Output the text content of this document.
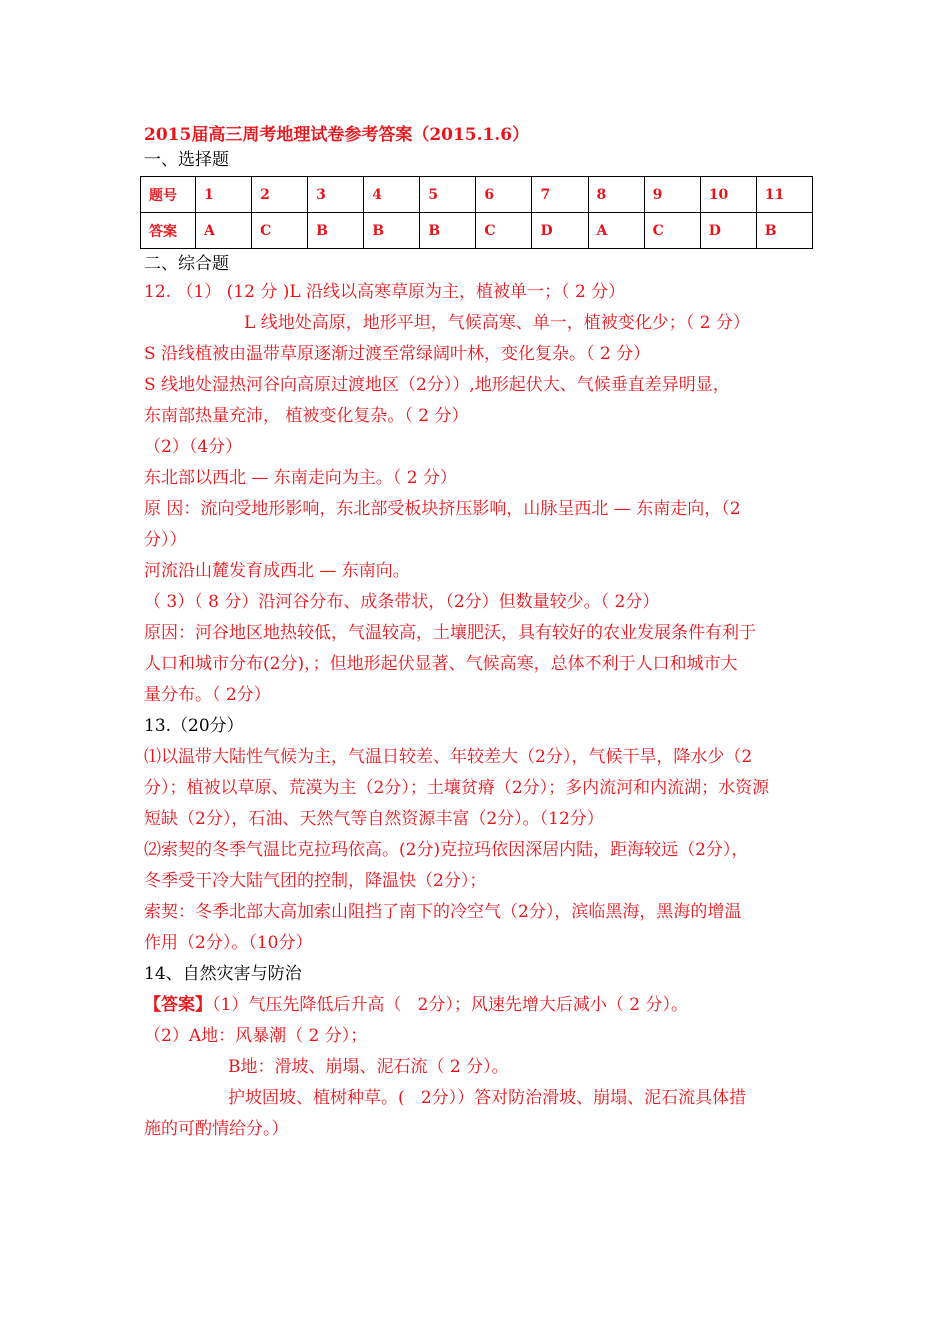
2015届高三周考地理试卷参考答案（2015.1.6）

一、选择题
题号	1	2	3	4	5	6	7	8	9	10	11
答案	A	C	B	B	B	C	D	A	C	D	B
二、综合题

12. （1） (12 分 )L 沿线以高寒草原为主，植被单一；（ 2 分）

L 线地处高原，地形平坦，气候高寒、单一，植被变化少；（ 2 分）

S 沿线植被由温带草原逐渐过渡至常绿阔叶林，变化复杂。（ 2 分）

S 线地处湿热河谷向高原过渡地区（2分））,地形起伏大、气候垂直差异明显，

东南部热量充沛， 植被变化复杂。（ 2 分）

（2）（4分）

东北部以西北 — 东南走向为主。（ 2 分）

原 因：流向受地形影响，东北部受板块挤压影响，山脉呈西北 — 东南走向，（2

分））

河流沿山麓发育成西北 — 东南向。

（ 3）（ 8 分）沿河谷分布、成条带状，（2分）但数量较少。（ 2分）

原因：河谷地区地热较低，气温较高，土壤肥沃，具有较好的农业发展条件有利于

人口和城市分布(2分)，；但地形起伏显著、气候高寒，总体不利于人口和城市大

量分布。（ 2分）

13.（20分）

⑴以温带大陆性气候为主，气温日较差、年较差大（2分），气候干旱，降水少（2

分）；植被以草原、荒漠为主（2分）；土壤贫瘠（2分）；多内流河和内流湖；水资源

短缺（2分），石油、天然气等自然资源丰富（2分）。（12分）

⑵索契的冬季气温比克拉玛依高。(2分)克拉玛依因深居内陆，距海较远（2分），

冬季受干冷大陆气团的控制，降温快（2分）；

索契：冬季北部大高加索山阻挡了南下的冷空气（2分），滨临黑海，黑海的增温

作用（2分）。（10分）

14、自然灾害与防治

【答案】（1）气压先降低后升高（   2分）；风速先增大后减小（ 2 分）。

（2）A地：风暴潮（ 2 分）；

B地：滑坡、崩塌、泥石流（ 2 分）。

护坡固坡、植树种草。(   2分））答对防治滑坡、崩塌、泥石流具体措

施的可酌情给分。）
